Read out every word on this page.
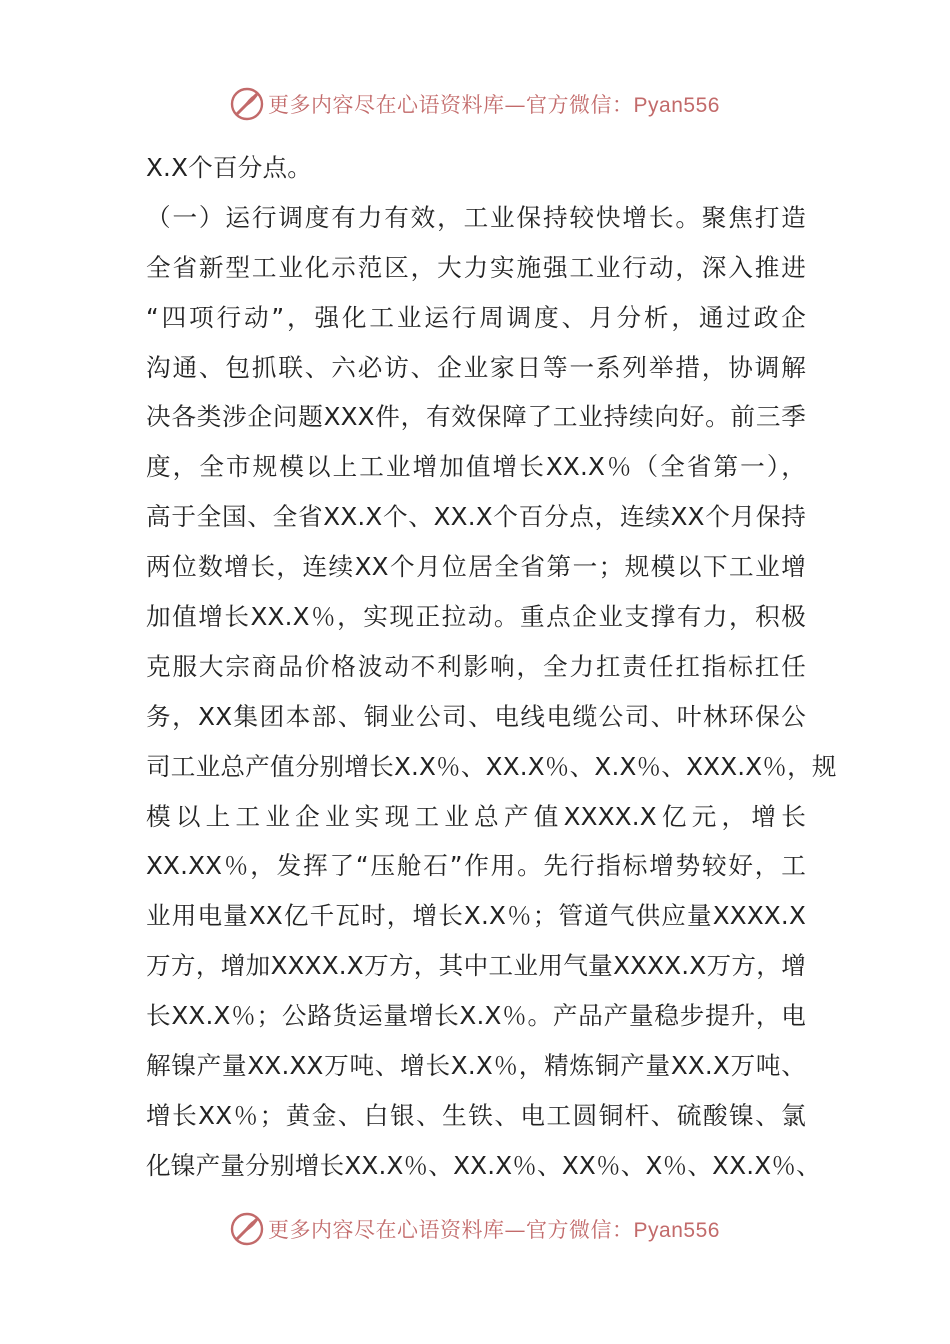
更多内容尽在心语资料库—官方微信：Pyan556
X.X个百分点。
（一）运行调度有力有效，工业保持较快增长。聚焦打造
全省新型工业化示范区，大力实施强工业行动，深入推进
“四项行动”，强化工业运行周调度、月分析，通过政企
沟通、包抓联、六必访、企业家日等一系列举措，协调解
决各类涉企问题XXX件，有效保障了工业持续向好。前三季
度，全市规模以上工业增加值增长XX.X％（全省第一），
高于全国、全省XX.X个、XX.X个百分点，连续XX个月保持
两位数增长，连续XX个月位居全省第一；规模以下工业增
加值增长XX.X％，实现正拉动。重点企业支撑有力，积极
克服大宗商品价格波动不利影响，全力扛责任扛指标扛任
务，XX集团本部、铜业公司、电线电缆公司、叶林环保公
司工业总产值分别增长X.X％、XX.X％、X.X％、XXX.X％，规
模以上工业企业实现工业总产值XXXX.X亿元，增长
XX.XX％，发挥了“压舱石”作用。先行指标增势较好，工
业用电量XX亿千瓦时，增长X.X％；管道气供应量XXXX.X
万方，增加XXXX.X万方，其中工业用气量XXXX.X万方，增
长XX.X％；公路货运量增长X.X％。产品产量稳步提升，电
解镍产量XX.XX万吨、增长X.X％，精炼铜产量XX.X万吨、
增长XX％；黄金、白银、生铁、电工圆铜杆、硫酸镍、氯
化镍产量分别增长XX.X％、XX.X％、XX％、X％、XX.X％、
更多内容尽在心语资料库—官方微信：Pyan556
